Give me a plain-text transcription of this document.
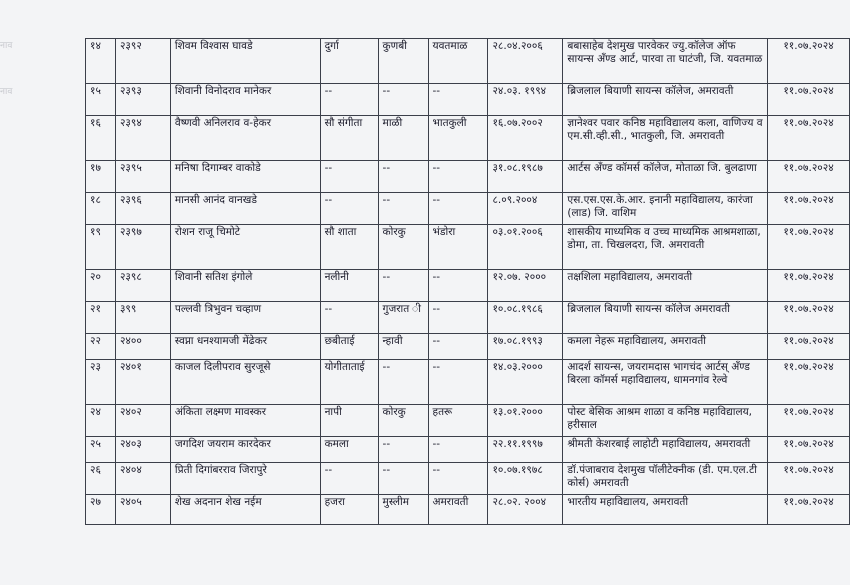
नाव
नाव
१४	२३९२	शिवम विश्वास घावडे	दुर्गा	कुणबी	यवतमाळ	२८.०४.२००६	बबासाहेब देशमुख पारवेकर ज्यु.कॉलेज ऑफ सायन्स अँण्ड आर्ट, पारवा ता घाटंजी, जि. यवतमाळ	११.०७.२०२४
१५	२३९३	शिवानी विनोदराव मानेकर	--	--	--	२४.०३. १९९४	ब्रिजलाल बियाणी सायन्स कॉलेज, अमरावती	११.०७.२०२४
१६	२३९४	वैष्णवी अनिलराव व-हेकर	सौ संगीता	माळी	भातकुली	१६.०७.२००२	ज्ञानेश्वर पवार कनिष्ठ महाविद्यालय कला, वाणिज्य व एम.सी.व्ही.सी., भातकुली, जि. अमरावती	११.०७.२०२४
१७	२३९५	मनिषा दिगाम्बर वाकोडे	--	--	--	३१.०८.१९८७	आर्टस अँण्ड कॉमर्स कॉलेज, मोताळा जि. बुलढाणा	११.०७.२०२४
१८	२३९६	मानसी आनंद वानखडे	--	--	--	८.०९.२००४	एस.एस.एस.के.आर. इनानी महाविद्यालय, कारंजा (लाड) जि. वाशिम	११.०७.२०२४
१९	२३९७	रोशन राजू चिमोटे	सौ शाता	कोरकु	भंडोरा	०३.०१.२००६	शासकीय माध्यमिक व उच्च माध्यमिक आश्रमशाळा, डोमा, ता. चिखलदरा, जि. अमरावती	११.०७.२०२४
२०	२३९८	शिवानी सतिश इंगोले	नलीनी	--	--	१२.०७. २०००	तक्षशिला महाविद्यालय, अमरावती	११.०७.२०२४
२१	३९९	पल्लवी त्रिभुवन चव्हाण	--	गुजरात ी	--	१०.०८.१९८६	ब्रिजलाल बियाणी सायन्स कॉलेज अमरावती	११.०७.२०२४
२२	२४००	स्वप्ना धनश्यामजी मेंढेकर	छबीताई	न्हावी	--	१७.०८.१९९३	कमला नेहरू महाविद्यालय, अमरावती	११.०७.२०२४
२३	२४०१	काजल दिलीपराव सुरजूसे	योगीताताई	--	--	१४.०३.२०००	आदर्श सायन्स, जयरामदास भागचंद आर्टस् अँण्ड बिरला कॉमर्स महाविद्यालय, धामनगांव रेल्वे	११.०७.२०२४
२४	२४०२	अंकिता लक्ष्मण मावस्कर	नापी	कोरकु	हतरू	१३.०१.२०००	पोस्ट बेसिक आश्रम शाळा व कनिष्ठ महाविद्यालय, हरीसाल	११.०७.२०२४
२५	२४०३	जगदिश जयराम कारदेकर	कमला	--	--	२२.११.१९९७	श्रीमती केशरबाई लाहोटी महाविद्यालय, अमरावती	११.०७.२०२४
२६	२४०४	प्रिती दिगांबरराव जिरापुरे	--	--	--	१०.०७.१९७८	डॉ.पंजाबराव देशमुख पॉलीटेक्नीक (डी. एम.एल.टी कोर्स) अमरावती	११.०७.२०२४
२७	२४०५	शेख अदनान शेख नईम	हजरा	मुस्लीम	अमरावती	२८.०२. २००४	भारतीय महाविद्यालय, अमरावती	११.०७.२०२४
